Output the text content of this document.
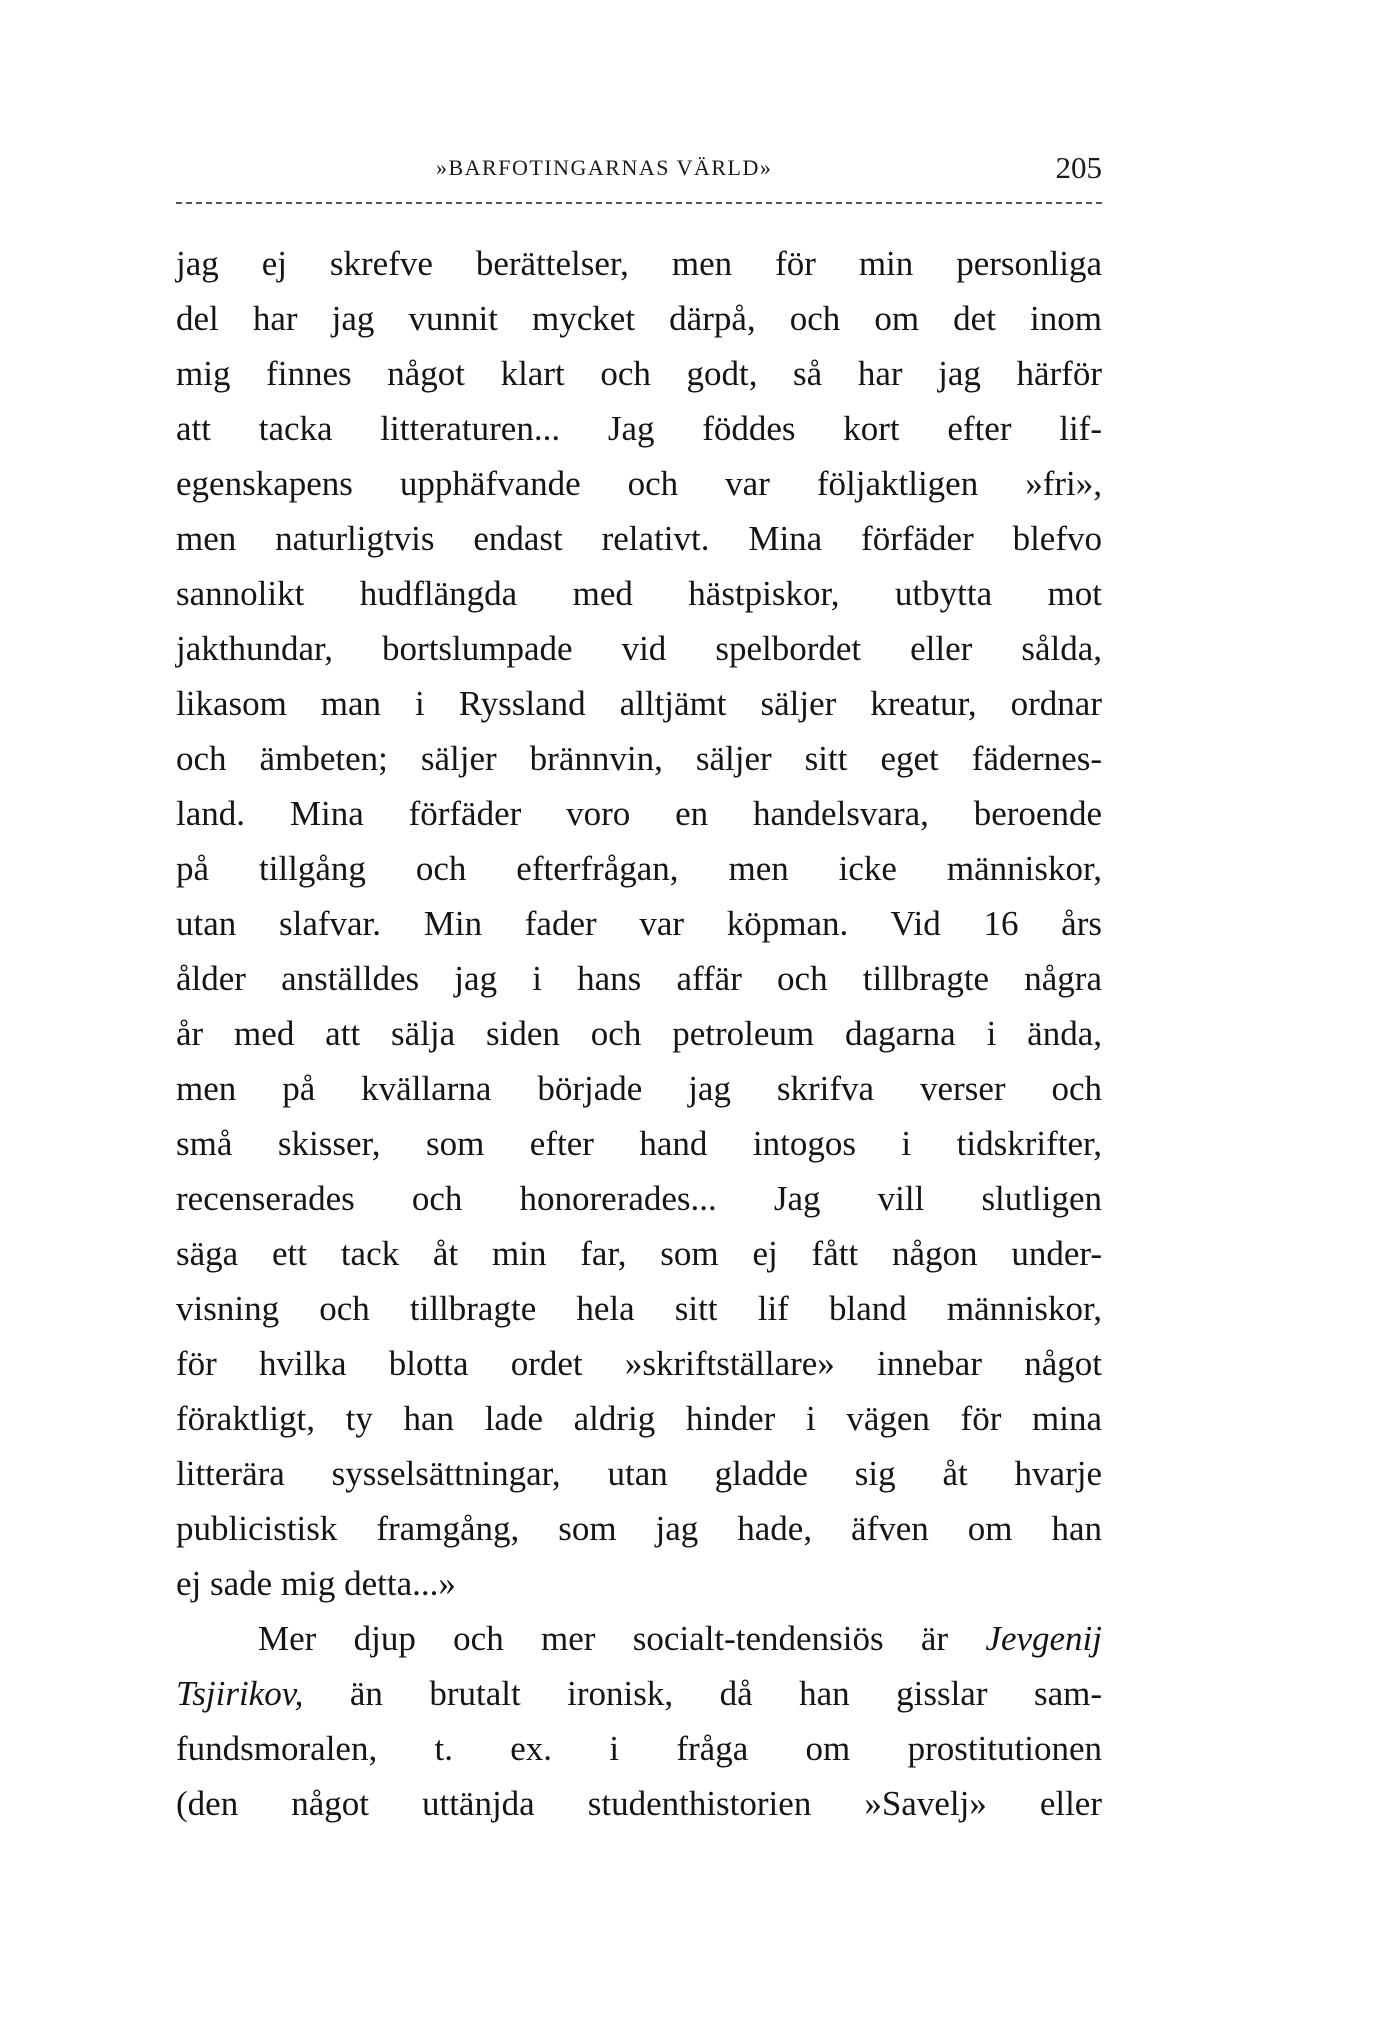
»BARFOTINGARNAS VÄRLD»	205
jag ej skrefve berättelser, men för min personliga
del har jag vunnit mycket därpå, och om det inom
mig finnes något klart och godt, så har jag härför
att tacka litteraturen... Jag föddes kort efter lif-
egenskapens upphäfvande och var följaktligen »fri»,
men naturligtvis endast relativt. Mina förfäder blefvo
sannolikt hudflängda med hästpiskor, utbytta mot
jakthundar, bortslumpade vid spelbordet eller sålda,
likasom man i Ryssland alltjämt säljer kreatur, ordnar
och ämbeten; säljer brännvin, säljer sitt eget fädernes-
land. Mina förfäder voro en handelsvara, beroende
på tillgång och efterfrågan, men icke människor,
utan slafvar. Min fader var köpman. Vid 16 års
ålder anställdes jag i hans affär och tillbragte några
år med att sälja siden och petroleum dagarna i ända,
men på kvällarna började jag skrifva verser och
små skisser, som efter hand intogos i tidskrifter,
recenserades och honorerades... Jag vill slutligen
säga ett tack åt min far, som ej fått någon under-
visning och tillbragte hela sitt lif bland människor,
för hvilka blotta ordet »skriftställare» innebar något
föraktligt, ty han lade aldrig hinder i vägen för mina
litterära sysselsättningar, utan gladde sig åt hvarje
publicistisk framgång, som jag hade, äfven om han
ej sade mig detta...»
Mer djup och mer socialt-tendensiös är Jevgenij
Tsjirikov, än brutalt ironisk, då han gisslar sam-
fundsmoralen, t. ex. i fråga om prostitutionen
(den något uttänjda studenthistorien »Savelj» eller
